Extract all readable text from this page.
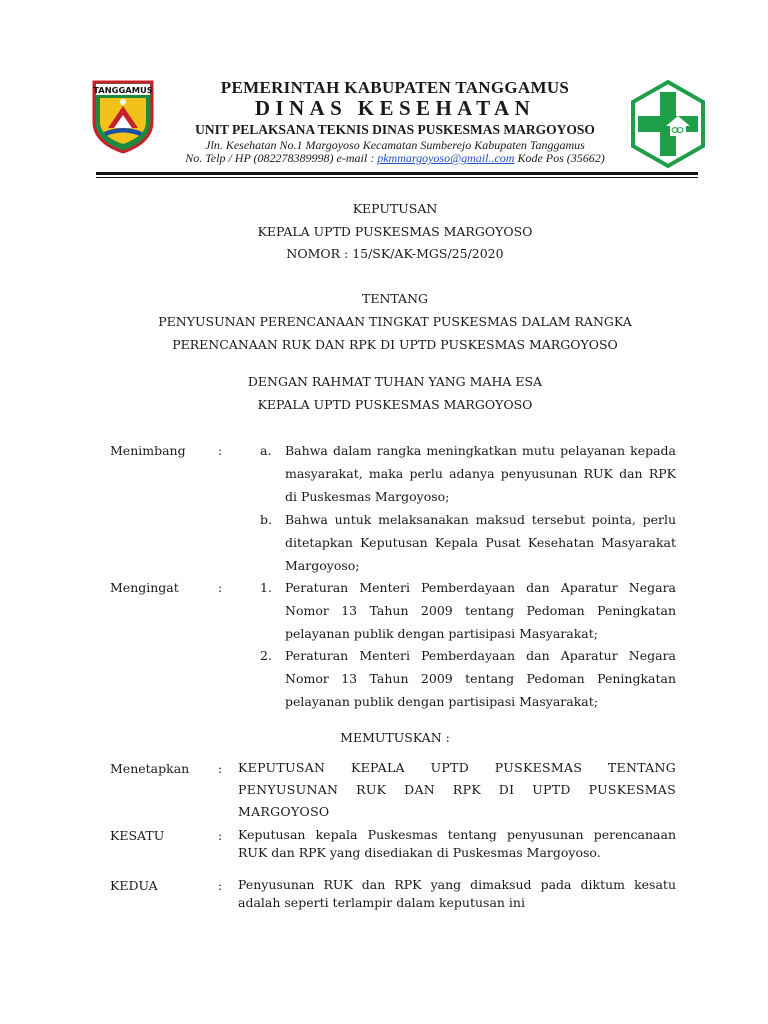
TANGGAMUS	PEMERINTAH KABUPATEN TANGGAMUS
DINAS KESEHATAN
UNIT PELAKSANA TEKNIS DINAS PUSKESMAS MARGOYOSO
Jln. Kesehatan No.1 Margoyoso Kecamatan Sumberejo Kabupaten Tanggamus
No. Telp / HP (082278389998) e-mail : pkmmargoyoso@gmail..com Kode Pos (35662)
KEPUTUSAN
KEPALA UPTD PUSKESMAS MARGOYOSO
NOMOR : 15/SK/AK-MGS/25/2020
TENTANG
PENYUSUNAN PERENCANAAN TINGKAT PUSKESMAS DALAM RANGKA
PERENCANAAN RUK DAN RPK DI UPTD PUSKESMAS MARGOYOSO
DENGAN RAHMAT TUHAN YANG MAHA ESA
KEPALA UPTD PUSKESMAS MARGOYOSO
Menimbang	:	a. Bahwa dalam rangka meningkatkan mutu pelayanan kepada masyarakat, maka perlu adanya penyusunan RUK dan RPK di Puskesmas Margoyoso;
b. Bahwa untuk melaksanakan maksud tersebut pointa, perlu ditetapkan Keputusan Kepala Pusat Kesehatan Masyarakat Margoyoso;
Mengingat	:	1. Peraturan Menteri Pemberdayaan dan Aparatur Negara Nomor 13 Tahun 2009 tentang Pedoman Peningkatan pelayanan publik dengan partisipasi Masyarakat;
2. Peraturan Menteri Pemberdayaan dan Aparatur Negara Nomor 13 Tahun 2009 tentang Pedoman Peningkatan pelayanan publik dengan partisipasi Masyarakat;
MEMUTUSKAN :
Menetapkan : KEPUTUSAN KEPALA UPTD PUSKESMAS TENTANG PENYUSUNAN RUK DAN RPK DI UPTD PUSKESMAS MARGOYOSO
KESATU	: Keputusan kepala Puskesmas tentang penyusunan perencanaan RUK dan RPK yang disediakan di Puskesmas Margoyoso.
KEDUA	: Penyusunan RUK dan RPK yang dimaksud pada diktum kesatu adalah seperti terlampir dalam keputusan ini
